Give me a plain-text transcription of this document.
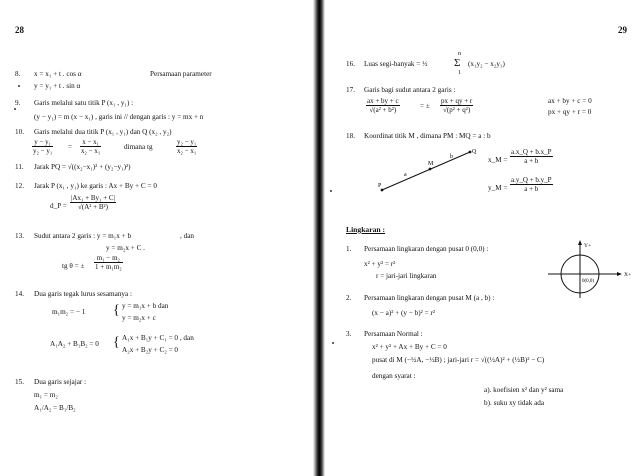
28
8. x = x₁ + t . cos α	Persamaan parameter
y = y₁ + t . sin α
9. Garis melalui satu titik P (x₁ , y₁) :
(y − y₁) = m (x − x₁) , garis ini // dengan garis : y = mx + n
10. Garis melalui dua titik P (x₁ , y₁) dan Q (x₂ , y₂)
$\frac{\text{y − y₁}}{\text{y₂ − y₁}} = \frac{\text{x − x₁}}{\text{x₂ − x₁}}$	dimana tg	$\frac{\text{y₂ − y₁}}{\text{x₂ − x₁}}$
11. Jarak PQ = √((x₂−x₁)² + (y₂−y₁)²)
12. Jarak P (x₁ , y₁) ke garis : Ax + By + C = 0
d_P = $\frac{\text{|Ax₁ + By₁ + C|}}{\text{√(A² + B²)}}$
13. Sudut antara 2 garis : y = m₁x + b	, dan
y = m₂x + C .
tg θ = ± $\frac{\text{m₁ − m₂}}{\text{1 + m₁m₂}}$
14. Dua garis tegak lurus sesamanya :
m₁m₂ = − 1 { y = m₁x + b dan
y = m₂x + c
A₁A₂ + B₁B₂ = 0 { A₁x + B₁y + C₁ = 0 , dan
A₂x + B₂y + C₂ = 0
15. Dua garis sejajar :
m₁ = m₂
A₁/A₂ = B₁/B₂
29
16. Luas segi-banyak = ½
n
Σ
1
(x₁y₂ − x₂y₁)
17. Garis bagi sudut antara 2 garis :
$\frac{ax + by + c}{\text{√(a² + b²)}}$	= ± $\frac{px + qy + r}{\text{√(p² + q²)}}$	ax + by + c = 0
px + qy + r = 0
18. Koordinat titik M , dimana PM : MQ = a : b
P
M
Q
a
b	x_M = $\frac{a.x\_Q + b.x\_P}{a + b}$
y_M = $\frac{a.y\_Q + b.y\_P}{a + b}$
Lingkaran :
1. Persamaan lingkaran dengan pusat 0 (0,0) :
x² + y² = r²
r = jari-jari lingkaran
Y+
X+
0(0,0)
2. Persamaan lingkaran dengan pusat M (a , b) :
(x − a)² + (y − b)² = r²
3. Persamaan Normal :
x² + y² + Ax + By + C = 0
pusat di M (−½A, −½B) ; jari-jari r = √((½A)² + (½B)² − C)
dengan syarat :
a). koefisien x² dan y² sama
b). suku xy tidak ada
